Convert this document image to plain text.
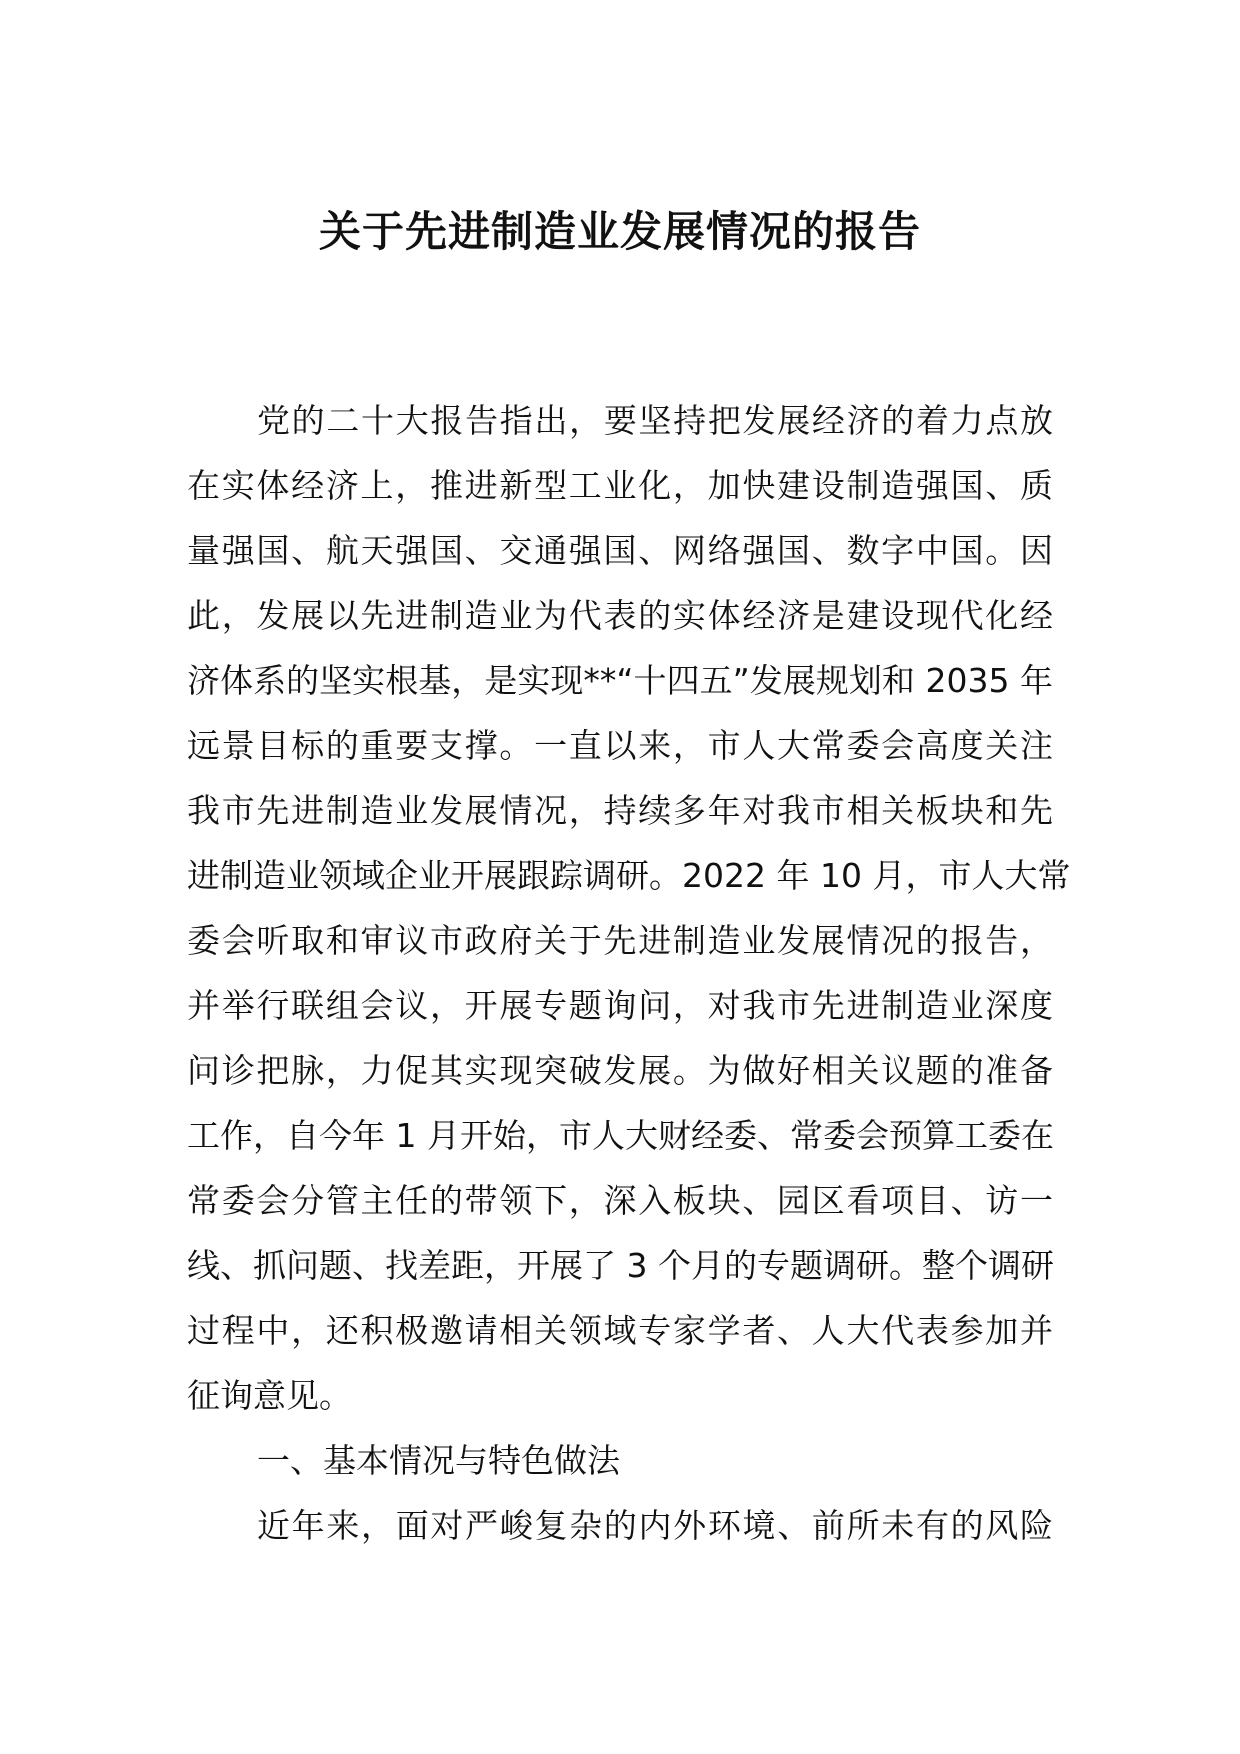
关于先进制造业发展情况的报告
党的二十大报告指出，要坚持把发展经济的着力点放
在实体经济上，推进新型工业化，加快建设制造强国、质
量强国、航天强国、交通强国、网络强国、数字中国。因
此，发展以先进制造业为代表的实体经济是建设现代化经
济体系的坚实根基，是实现**“十四五”发展规划和 2035 年
远景目标的重要支撑。一直以来，市人大常委会高度关注
我市先进制造业发展情况，持续多年对我市相关板块和先
进制造业领域企业开展跟踪调研。2022 年 10 月，市人大常
委会听取和审议市政府关于先进制造业发展情况的报告，
并举行联组会议，开展专题询问，对我市先进制造业深度
问诊把脉，力促其实现突破发展。为做好相关议题的准备
工作，自今年 1 月开始，市人大财经委、常委会预算工委在
常委会分管主任的带领下，深入板块、园区看项目、访一
线、抓问题、找差距，开展了 3 个月的专题调研。整个调研
过程中，还积极邀请相关领域专家学者、人大代表参加并
征询意见。
一、基本情况与特色做法
近年来，面对严峻复杂的内外环境、前所未有的风险
